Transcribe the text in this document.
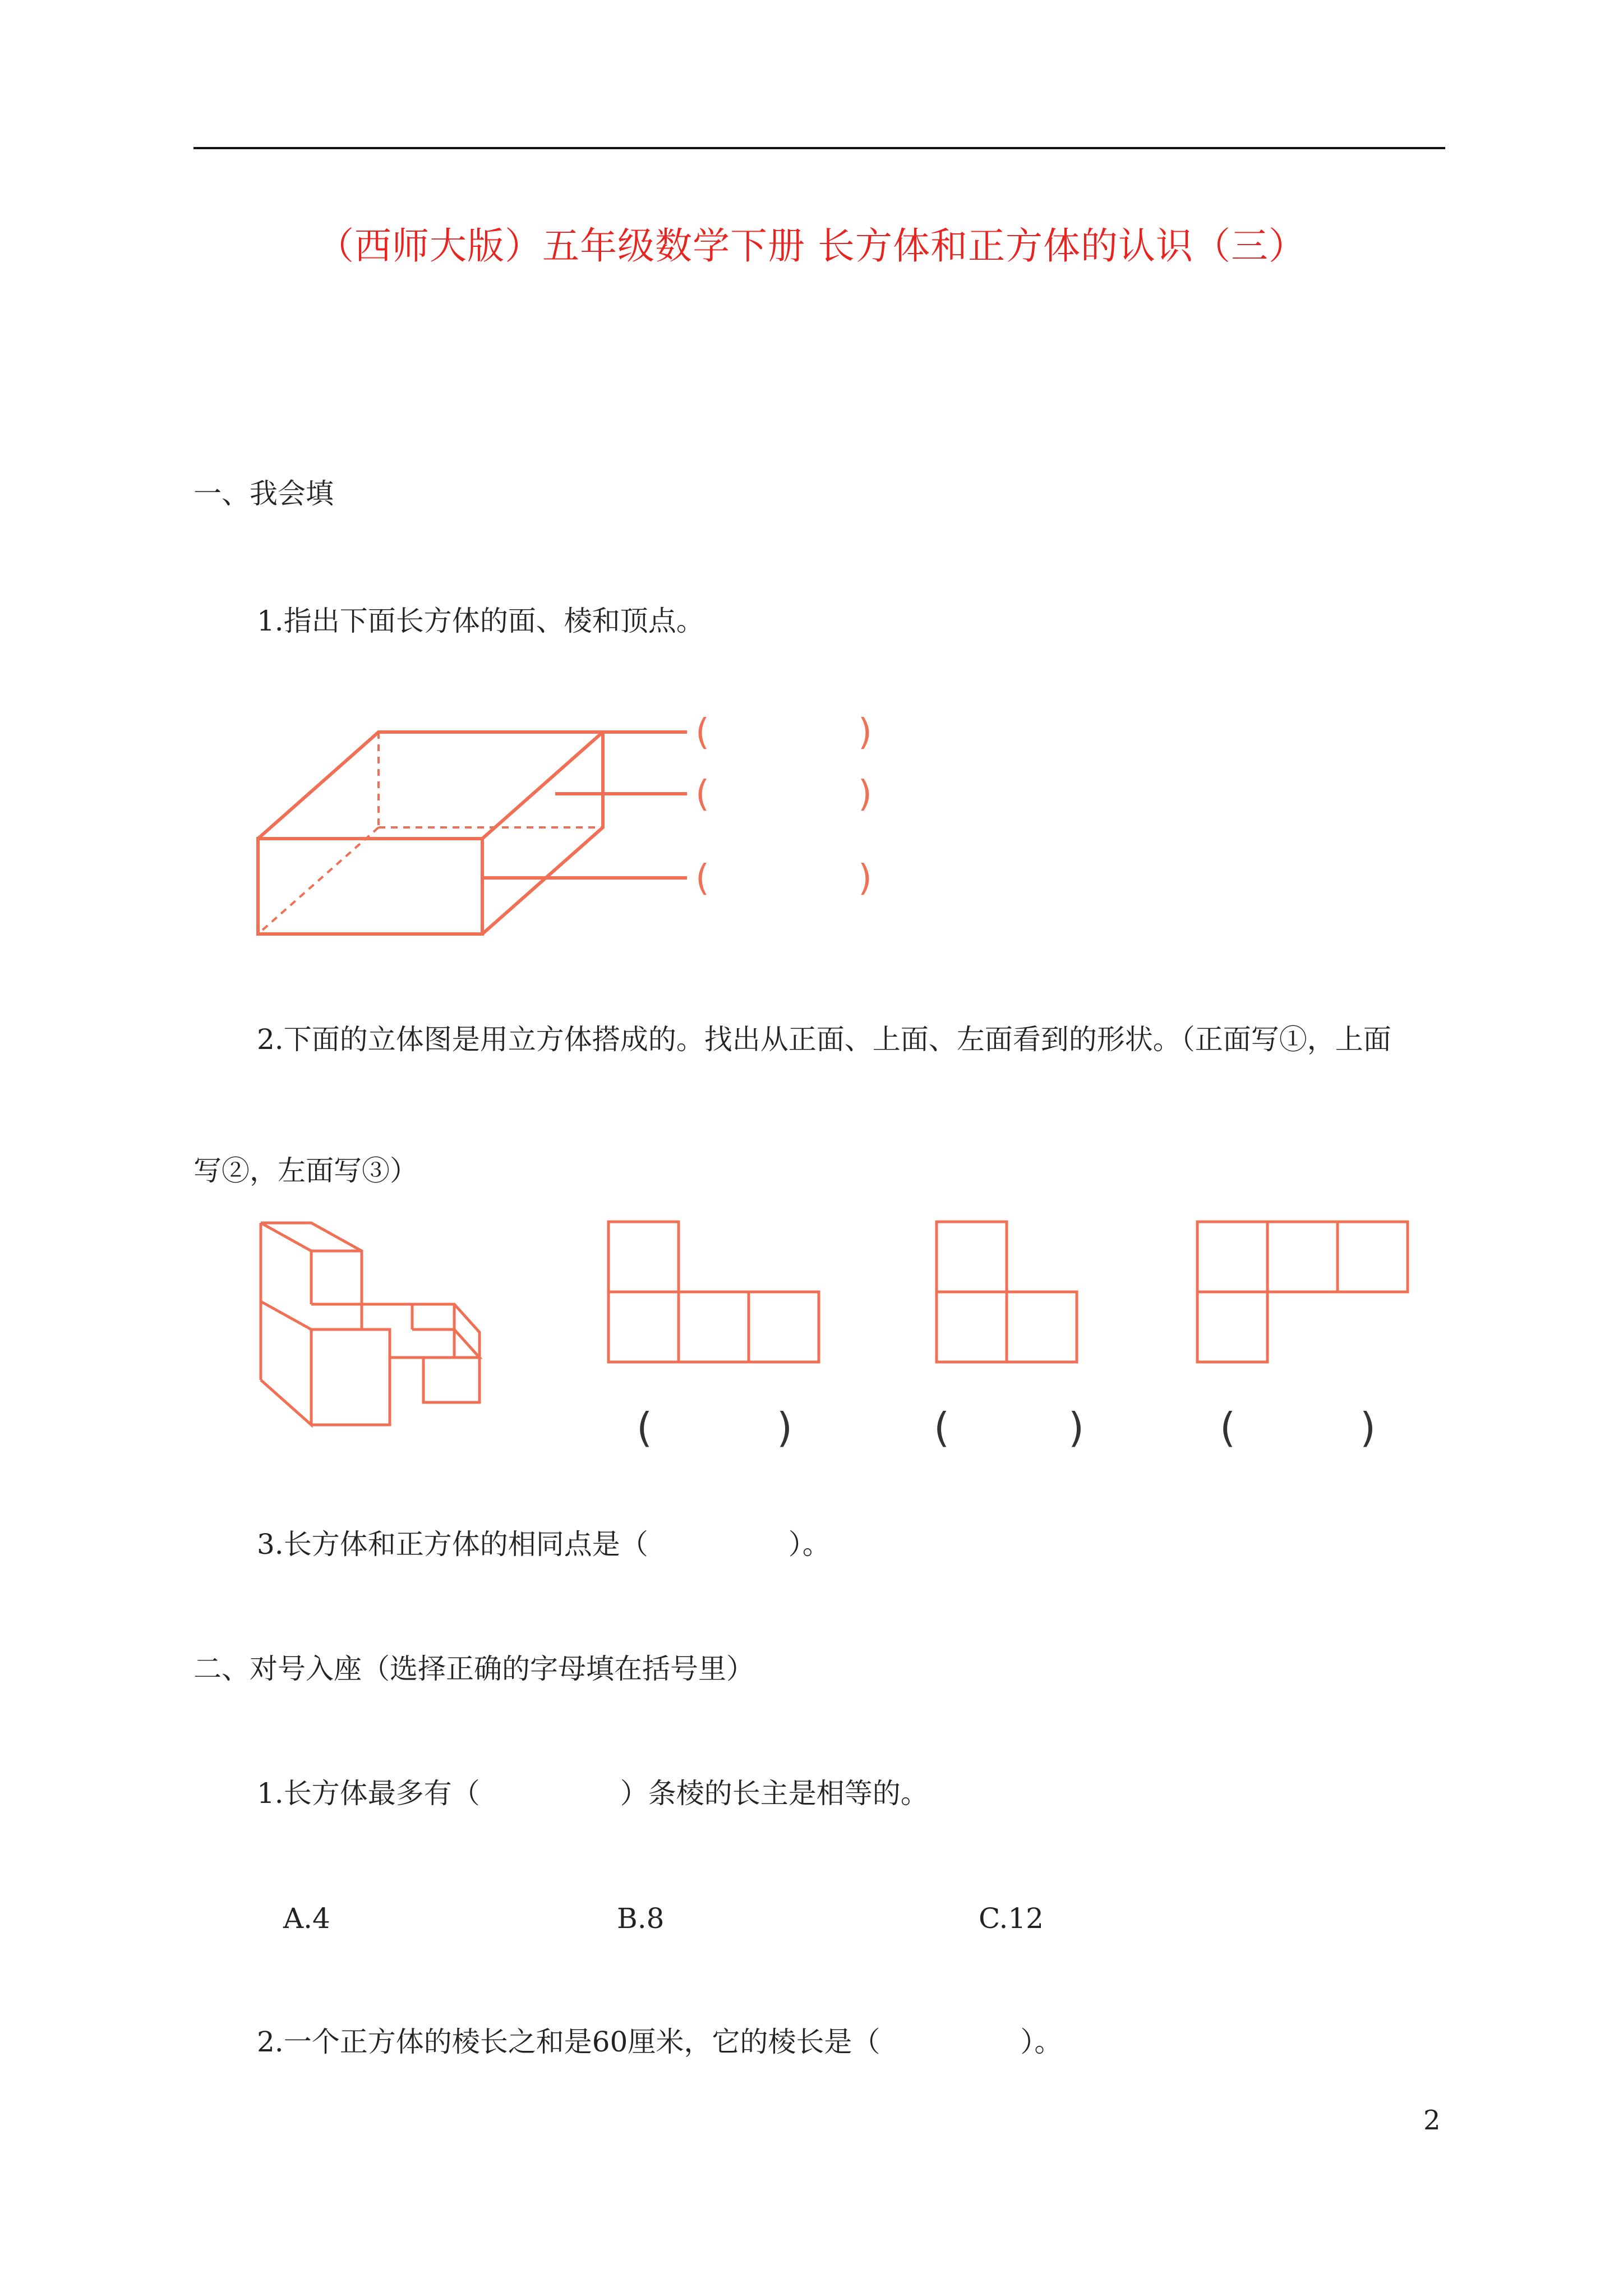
（西师大版）五年级数学下册 长方体和正方体的认识（三）
一、我会填
1.指出下面长方体的面、棱和顶点。
(	)
(	)
(	)
2.下面的立体图是用立方体搭成的。找出从正面、上面、左面看到的形状。（正面写①，上面
写②，左面写③）
(	)	(	)	(	)
3.长方体和正方体的相同点是（　　　　　）。
二、对号入座（选择正确的字母填在括号里）
1.长方体最多有（　　　　　）条棱的长主是相等的。
A.4	B.8	C.12
2.一个正方体的棱长之和是60厘米，它的棱长是（　　　　　）。
2
